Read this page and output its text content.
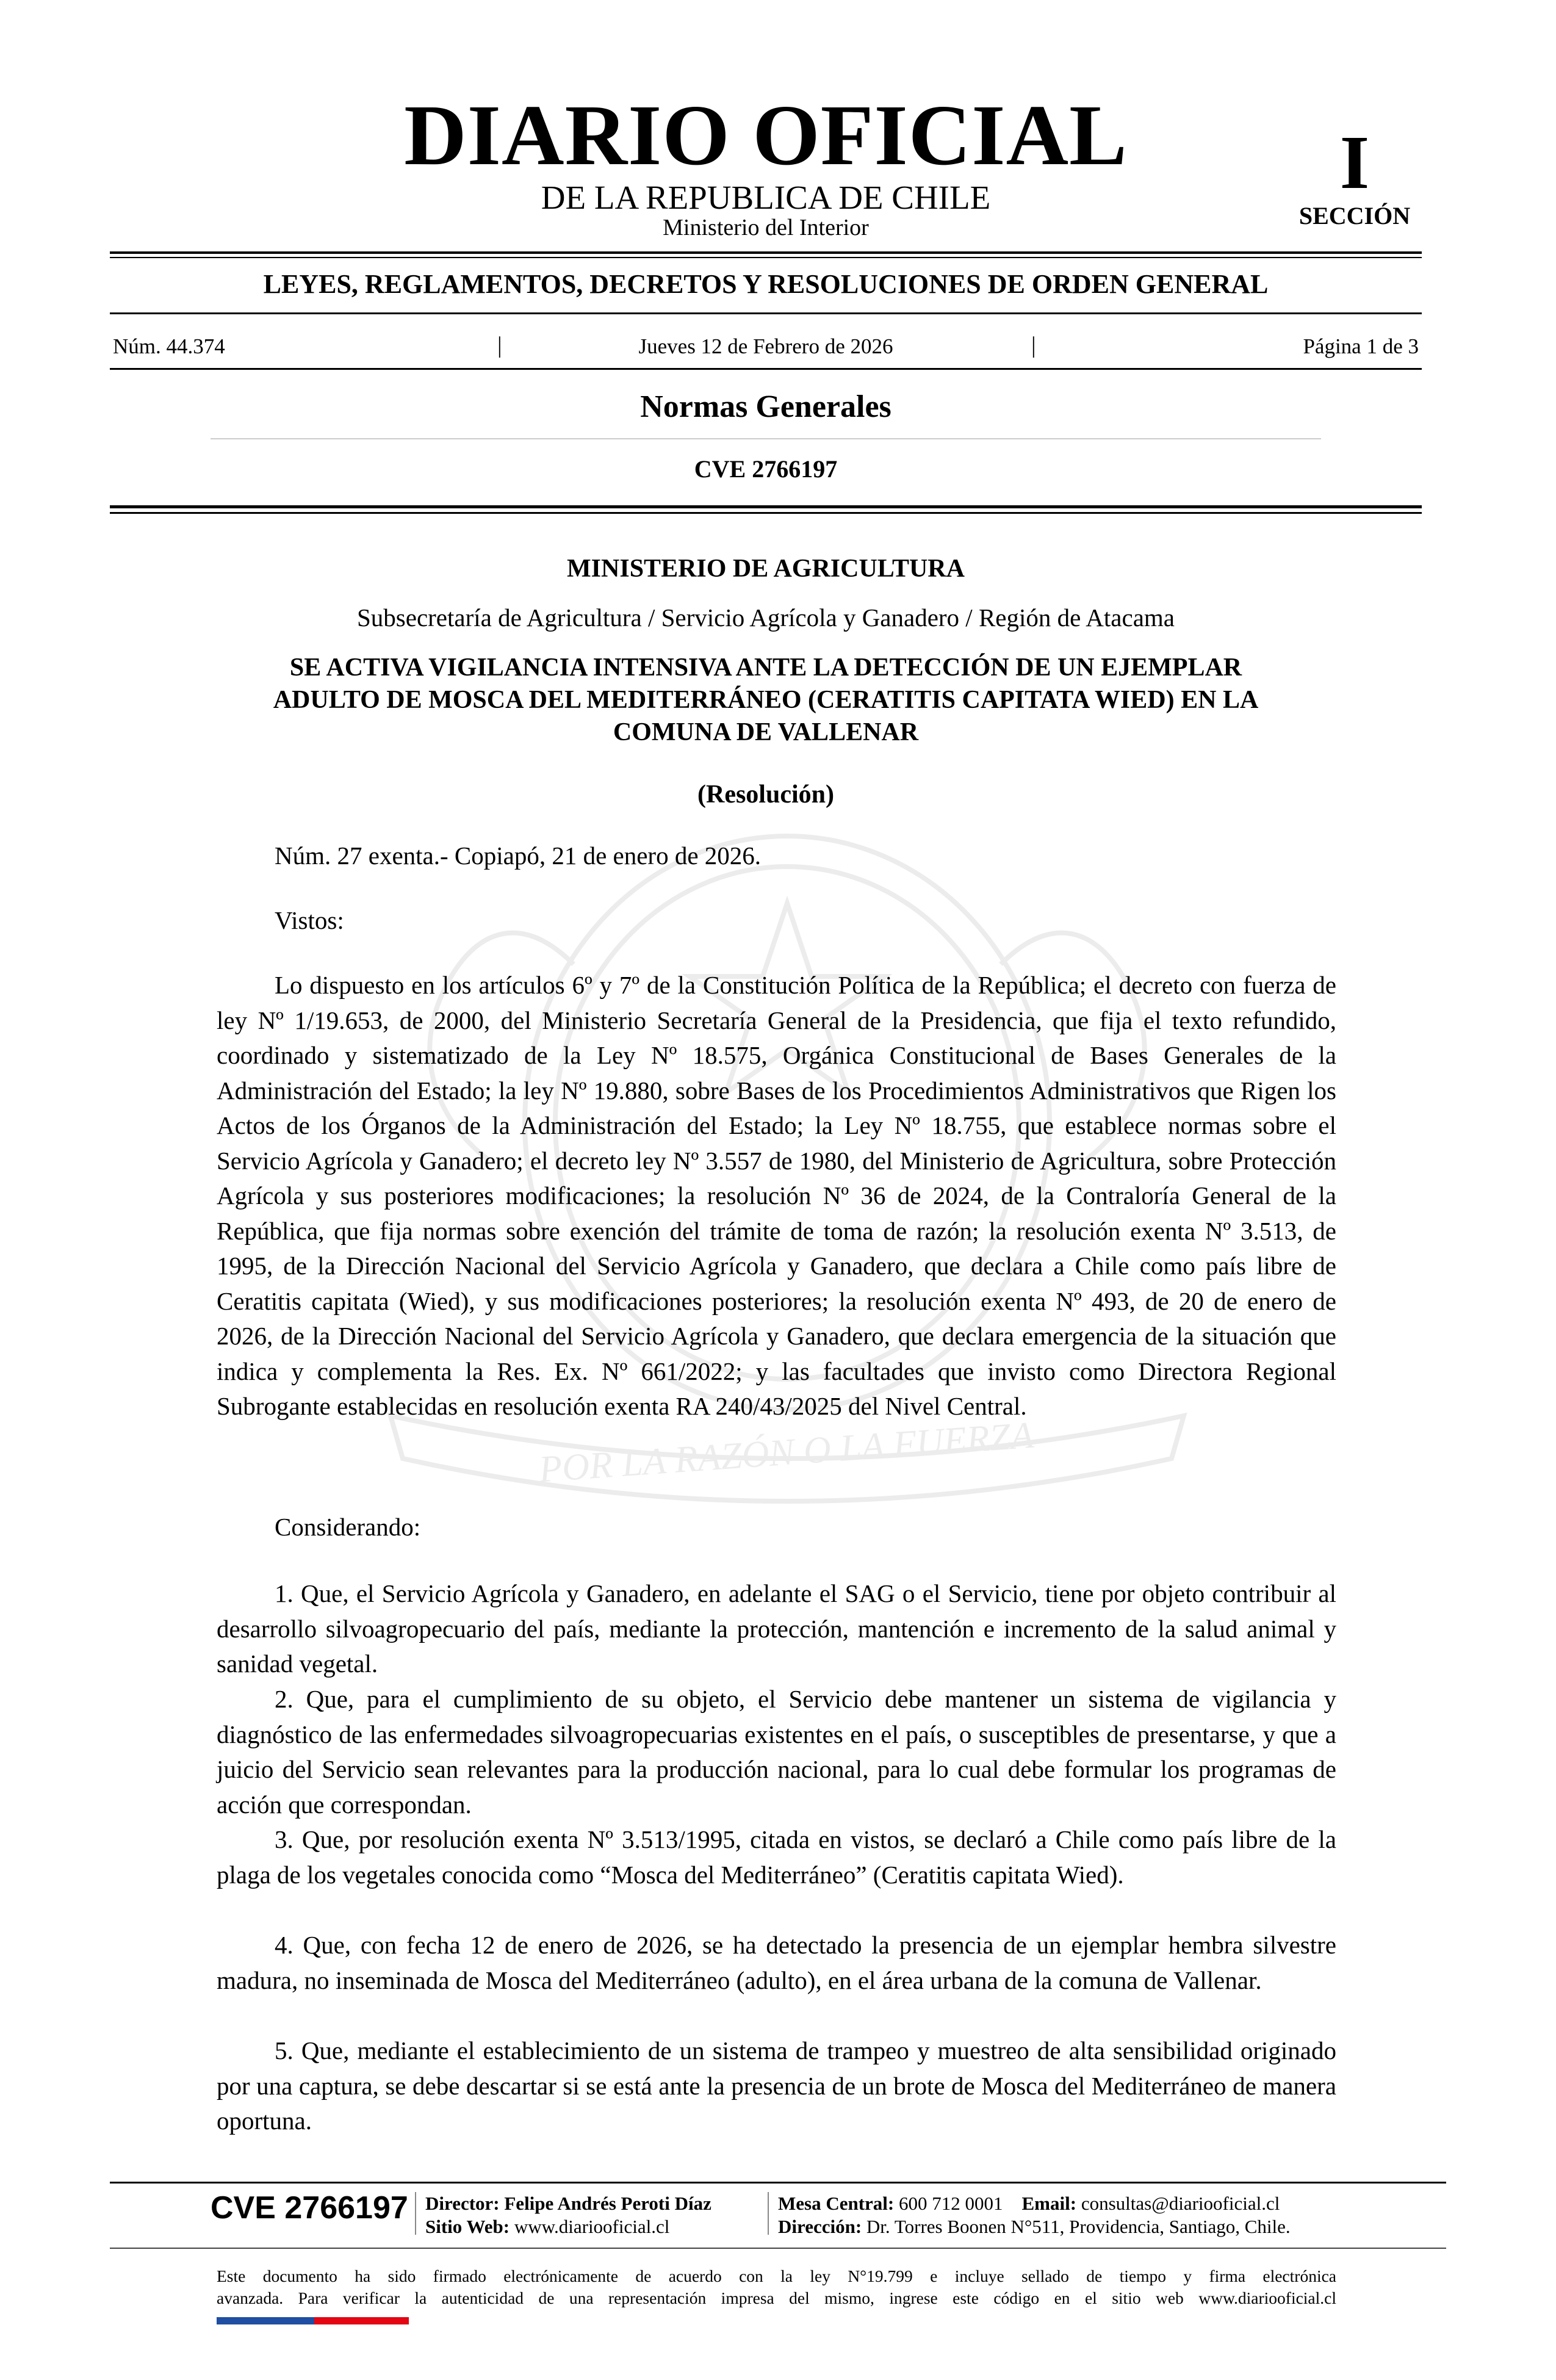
POR LA RAZÓN O LA FUERZA
DIARIO OFICIAL
DE LA REPUBLICA DE CHILE
Ministerio del Interior
I
SECCIÓN
LEYES, REGLAMENTOS, DECRETOS Y RESOLUCIONES DE ORDEN GENERAL
Núm. 44.374	|	Jueves 12 de Febrero de 2026	|	Página 1 de 3
Normas Generales
CVE 2766197
MINISTERIO DE AGRICULTURA
Subsecretaría de Agricultura / Servicio Agrícola y Ganadero / Región de Atacama
SE ACTIVA VIGILANCIA INTENSIVA ANTE LA DETECCIÓN DE UN EJEMPLAR
ADULTO DE MOSCA DEL MEDITERRÁNEO (CERATITIS CAPITATA WIED) EN LA
COMUNA DE VALLENAR
(Resolución)
Núm. 27 exenta.- Copiapó, 21 de enero de 2026.
Vistos:

Lo dispuesto en los artículos 6º y 7º de la Constitución Política de la República; el decreto con fuerza de ley Nº 1/19.653, de 2000, del Ministerio Secretaría General de la Presidencia, que fija el texto refundido, coordinado y sistematizado de la Ley Nº 18.575, Orgánica Constitucional de Bases Generales de la Administración del Estado; la ley Nº 19.880, sobre Bases de los Procedimientos Administrativos que Rigen los Actos de los Órganos de la Administración del Estado; la Ley Nº 18.755, que establece normas sobre el Servicio Agrícola y Ganadero; el decreto ley Nº 3.557 de 1980, del Ministerio de Agricultura, sobre Protección Agrícola y sus posteriores modificaciones; la resolución Nº 36 de 2024, de la Contraloría General de la República, que fija normas sobre exención del trámite de toma de razón; la resolución exenta Nº 3.513, de 1995, de la Dirección Nacional del Servicio Agrícola y Ganadero, que declara a Chile como país libre de Ceratitis capitata (Wied), y sus modificaciones posteriores; la resolución exenta Nº 493, de 20 de enero de 2026, de la Dirección Nacional del Servicio Agrícola y Ganadero, que declara emergencia de la situación que indica y complementa la Res. Ex. Nº 661/2022; y las facultades que invisto como Directora Regional Subrogante establecidas en resolución exenta RA 240/43/2025 del Nivel Central.

Considerando:

1. Que, el Servicio Agrícola y Ganadero, en adelante el SAG o el Servicio, tiene por objeto contribuir al desarrollo silvoagropecuario del país, mediante la protección, mantención e incremento de la salud animal y sanidad vegetal.

2. Que, para el cumplimiento de su objeto, el Servicio debe mantener un sistema de vigilancia y diagnóstico de las enfermedades silvoagropecuarias existentes en el país, o susceptibles de presentarse, y que a juicio del Servicio sean relevantes para la producción nacional, para lo cual debe formular los programas de acción que correspondan.

3. Que, por resolución exenta Nº 3.513/1995, citada en vistos, se declaró a Chile como país libre de la plaga de los vegetales conocida como “Mosca del Mediterráneo” (Ceratitis capitata Wied).

4. Que, con fecha 12 de enero de 2026, se ha detectado la presencia de un ejemplar hembra silvestre madura, no inseminada de Mosca del Mediterráneo (adulto), en el área urbana de la comuna de Vallenar.

5. Que, mediante el establecimiento de un sistema de trampeo y muestreo de alta sensibilidad originado por una captura, se debe descartar si se está ante la presencia de un brote de Mosca del Mediterráneo de manera oportuna.

CVE 2766197 Director: Felipe Andrés Peroti Díaz
Sitio Web: www.diariooficial.cl
Mesa Central: 600 712 0001 Email: consultas@diariooficial.cl
Dirección: Dr. Torres Boonen N°511, Providencia, Santiago, Chile.
Este documento ha sido firmado electrónicamente de acuerdo con la ley N°19.799 e incluye sellado de tiempo y firma electrónica
avanzada. Para verificar la autenticidad de una representación impresa del mismo, ingrese este código en el sitio web www.diariooficial.cl
